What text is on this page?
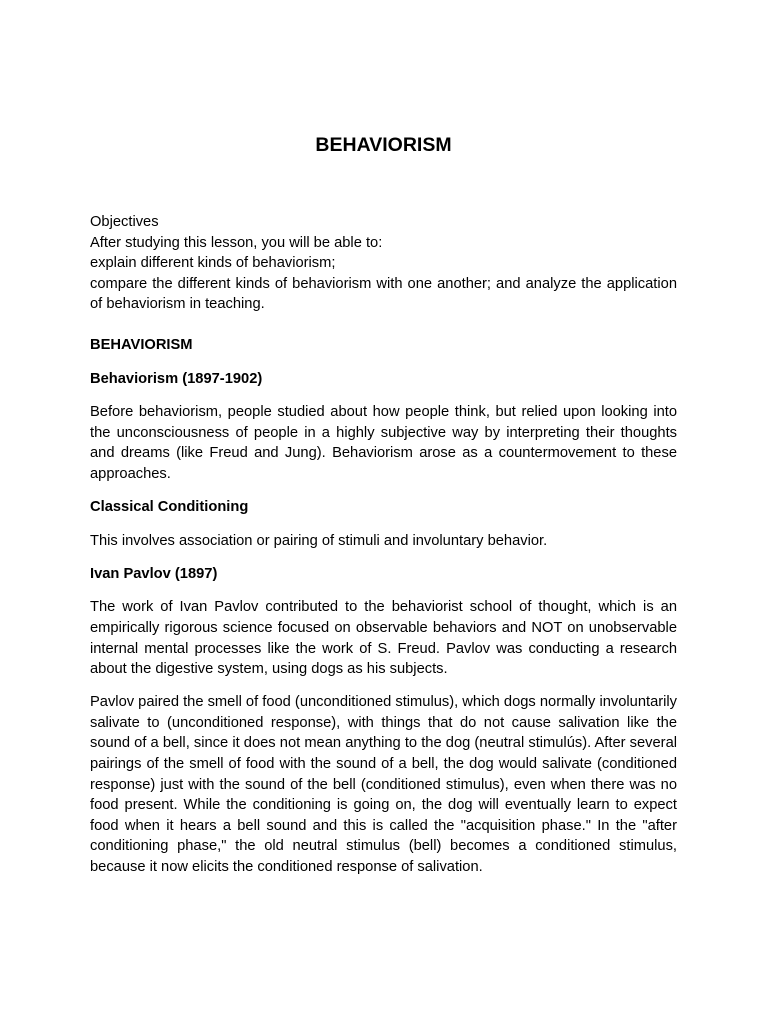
BEHAVIORISM

Objectives

After studying this lesson, you will be able to:

explain different kinds of behaviorism;

compare the different kinds of behaviorism with one another; and analyze the application of behaviorism in teaching.

BEHAVIORISM

Behaviorism (1897-1902)

Before behaviorism, people studied about how people think, but relied upon looking into the unconsciousness of people in a highly subjective way by interpreting their thoughts and dreams (like Freud and Jung). Behaviorism arose as a countermovement to these approaches.

Classical Conditioning

This involves association or pairing of stimuli and involuntary behavior.

Ivan Pavlov (1897)

The work of Ivan Pavlov contributed to the behaviorist school of thought, which is an empirically rigorous science focused on observable behaviors and NOT on unobservable internal mental processes like the work of S. Freud. Pavlov was conducting a research about the digestive system, using dogs as his subjects.

Pavlov paired the smell of food (unconditioned stimulus), which dogs normally involuntarily salivate to (unconditioned response), with things that do not cause salivation like the sound of a bell, since it does not mean anything to the dog (neutral stimulús). After several pairings of the smell of food with the sound of a bell, the dog would salivate (conditioned response) just with the sound of the bell (conditioned stimulus), even when there was no food present. While the conditioning is going on, the dog will eventually learn to expect food when it hears a bell sound and this is called the "acquisition phase." In the "after conditioning phase," the old neutral stimulus (bell) becomes a conditioned stimulus, because it now elicits the conditioned response of salivation.
